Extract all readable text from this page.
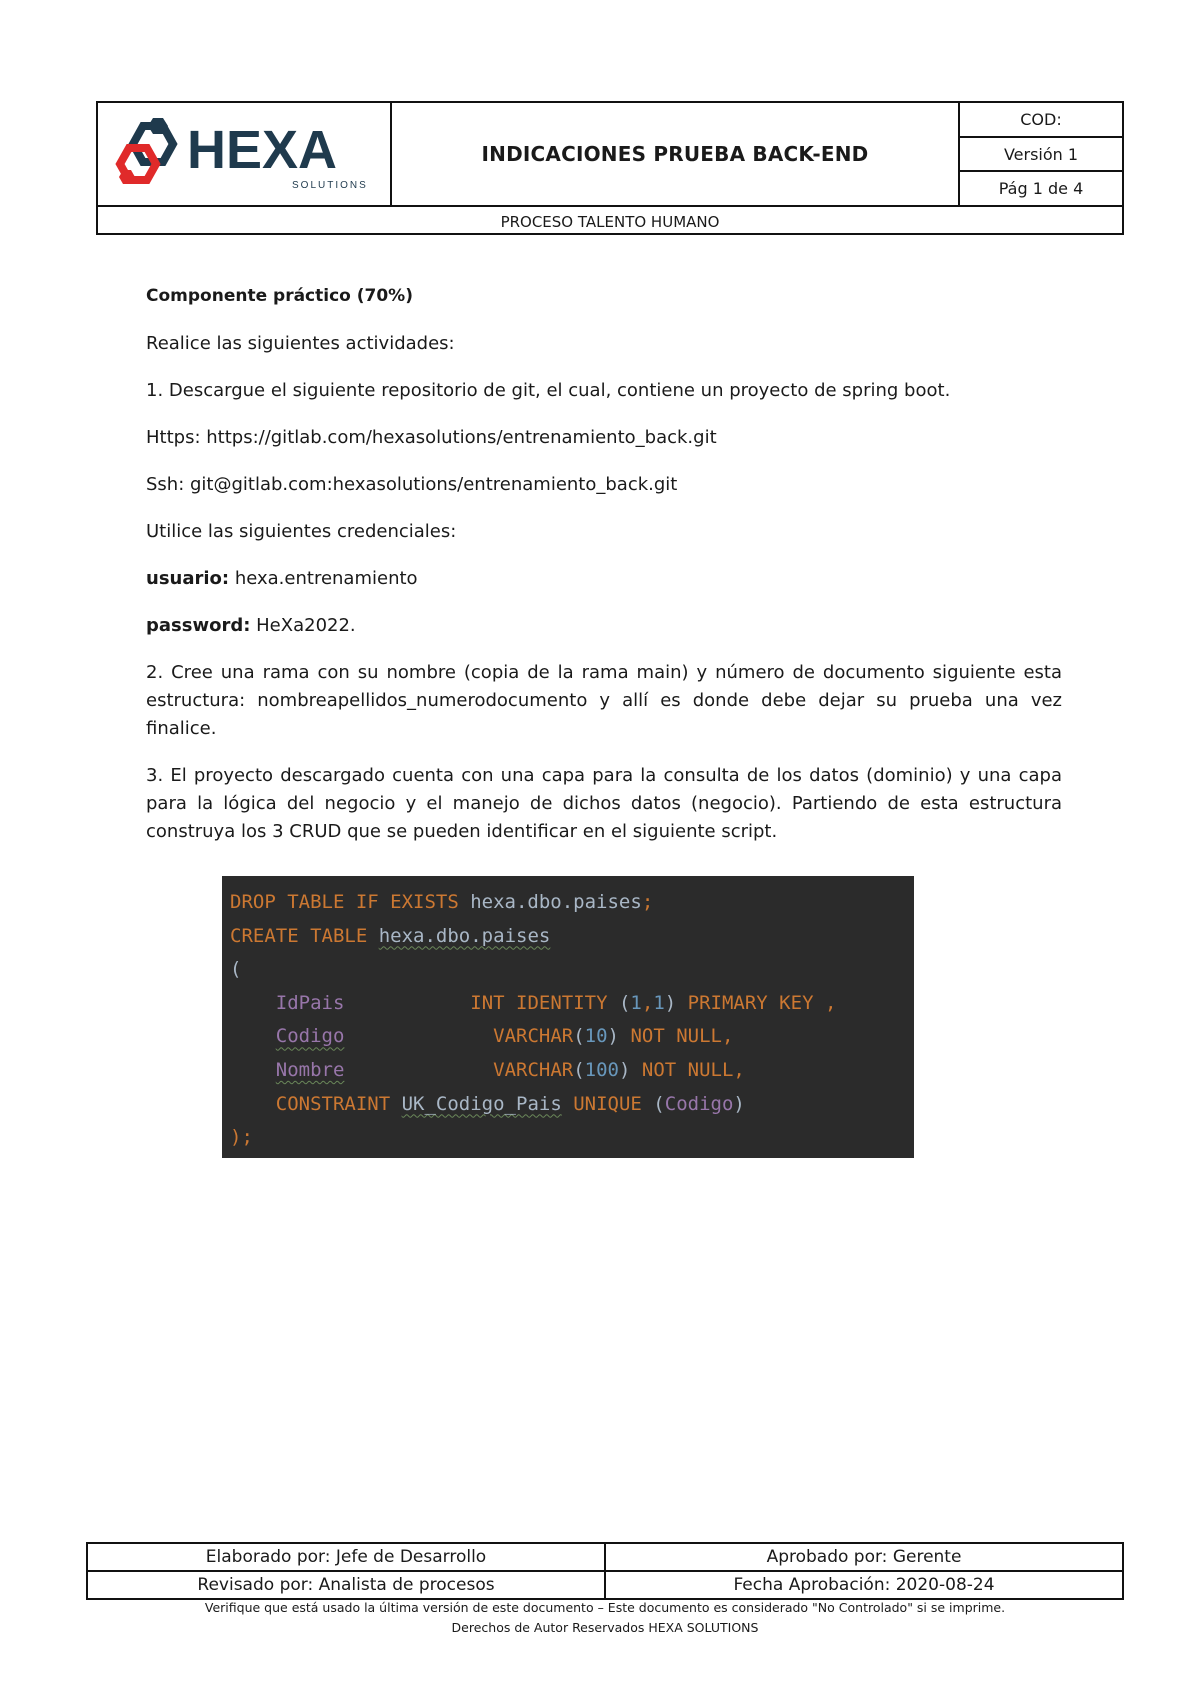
HEXA
SOLUTIONS
INDICACIONES PRUEBA BACK-END
COD:
Versión 1
Pág 1 de 4
PROCESO TALENTO HUMANO

Componente práctico (70%)

Realice las siguientes actividades:

1. Descargue el siguiente repositorio de git, el cual, contiene un proyecto de spring boot.

Https: https://gitlab.com/hexasolutions/entrenamiento_back.git

Ssh: git@gitlab.com:hexasolutions/entrenamiento_back.git

Utilice las siguientes credenciales:

usuario: hexa.entrenamiento

password: HeXa2022.

2. Cree una rama con su nombre (copia de la rama main) y número de documento siguiente esta estructura: nombreapellidos_numerodocumento y allí es donde debe dejar su prueba una vez finalice.

3. El proyecto descargado cuenta con una capa para la consulta de los datos (dominio) y una capa para la lógica del negocio y el manejo de dichos datos (negocio). Partiendo de esta estructura construya los 3 CRUD que se pueden identificar en el siguiente script.

DROP TABLE IF EXISTS hexa.dbo.paises;
CREATE TABLE hexa.dbo.paises
(
IdPais	INT IDENTITY (1,1) PRIMARY KEY ,
Codigo	VARCHAR(10) NOT NULL,
Nombre	VARCHAR(100) NOT NULL,
CONSTRAINT UK_Codigo_Pais UNIQUE (Codigo)
);
Elaborado por: Jefe de Desarrollo	Aprobado por: Gerente
Revisado por: Analista de procesos	Fecha Aprobación: 2020-08-24
Verifique que está usado la última versión de este documento – Este documento es considerado "No Controlado" si se imprime.
Derechos de Autor Reservados HEXA SOLUTIONS
